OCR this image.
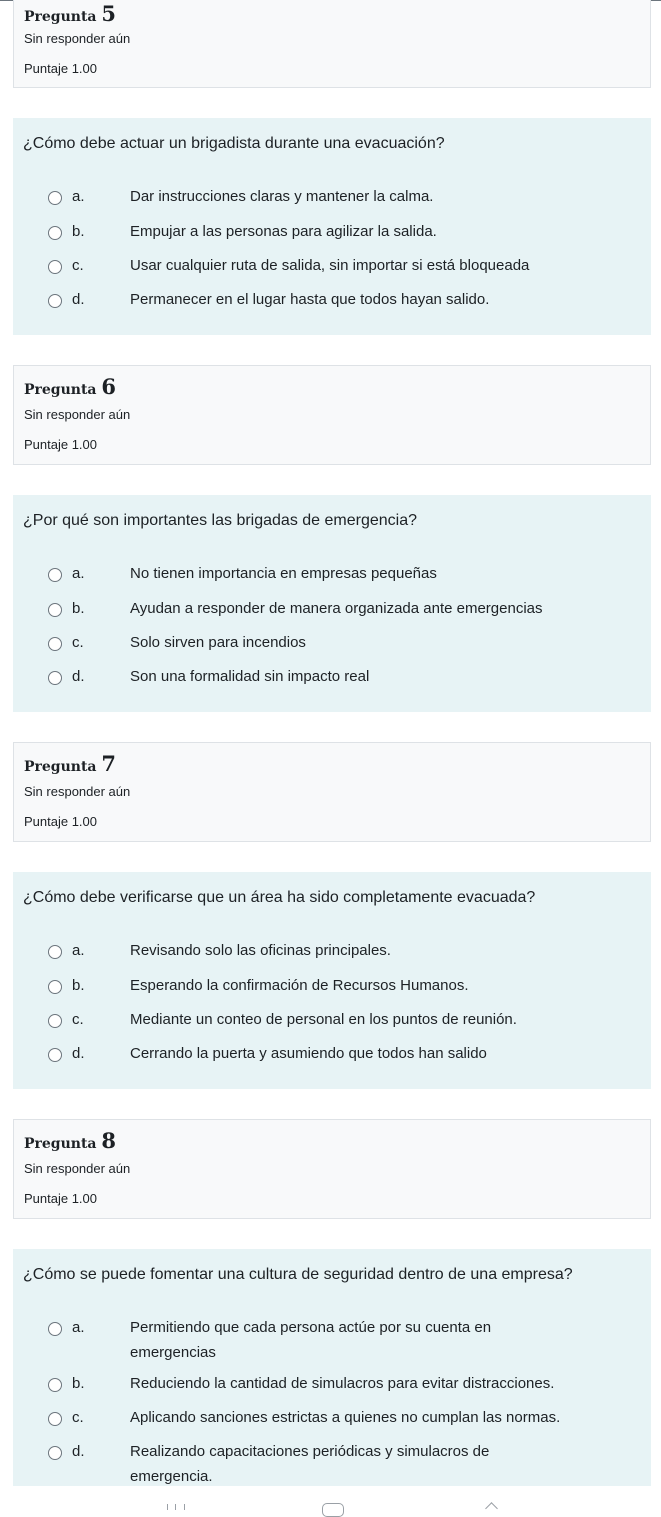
Pregunta 5
Sin responder aún
Puntaje 1.00
¿Cómo debe actuar un brigadista durante una evacuación?
a.	Dar instrucciones claras y mantener la calma.
b.	Empujar a las personas para agilizar la salida.
c.	Usar cualquier ruta de salida, sin importar si está bloqueada
d.	Permanecer en el lugar hasta que todos hayan salido.
Pregunta 6
Sin responder aún
Puntaje 1.00
¿Por qué son importantes las brigadas de emergencia?
a.	No tienen importancia en empresas pequeñas
b.	Ayudan a responder de manera organizada ante emergencias
c.	Solo sirven para incendios
d.	Son una formalidad sin impacto real
Pregunta 7
Sin responder aún
Puntaje 1.00
¿Cómo debe verificarse que un área ha sido completamente evacuada?
a.	Revisando solo las oficinas principales.
b.	Esperando la confirmación de Recursos Humanos.
c.	Mediante un conteo de personal en los puntos de reunión.
d.	Cerrando la puerta y asumiendo que todos han salido
Pregunta 8
Sin responder aún
Puntaje 1.00
¿Cómo se puede fomentar una cultura de seguridad dentro de una empresa?
a.	Permitiendo que cada persona actúe por su cuenta en emergencias
b.	Reduciendo la cantidad de simulacros para evitar distracciones.
c.	Aplicando sanciones estrictas a quienes no cumplan las normas.
d.	Realizando capacitaciones periódicas y simulacros de emergencia.
